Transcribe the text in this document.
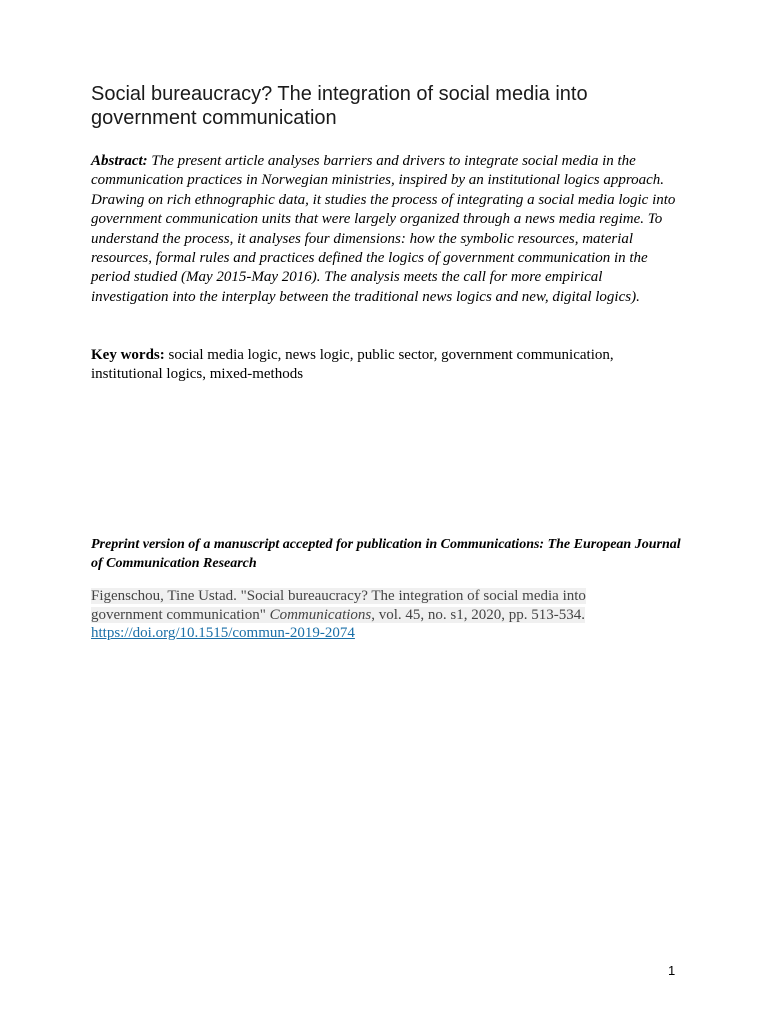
Social bureaucracy? The integration of social media into government communication

Abstract: The present article analyses barriers and drivers to integrate social media in the communication practices in Norwegian ministries, inspired by an institutional logics approach. Drawing on rich ethnographic data, it studies the process of integrating a social media logic into government communication units that were largely organized through a news media regime. To understand the process, it analyses four dimensions: how the symbolic resources, material resources, formal rules and practices defined the logics of government communication in the period studied (May 2015-May 2016). The analysis meets the call for more empirical investigation into the interplay between the traditional news logics and new, digital logics).

Key words: social media logic, news logic, public sector, government communication, institutional logics, mixed-methods

Preprint version of a manuscript accepted for publication in Communications: The European Journal of Communication Research

Figenschou, Tine Ustad. "Social bureaucracy? The integration of social media into government communication" Communications, vol. 45, no. s1, 2020, pp. 513-534. https://doi.org/10.1515/commun-2019-2074

1
